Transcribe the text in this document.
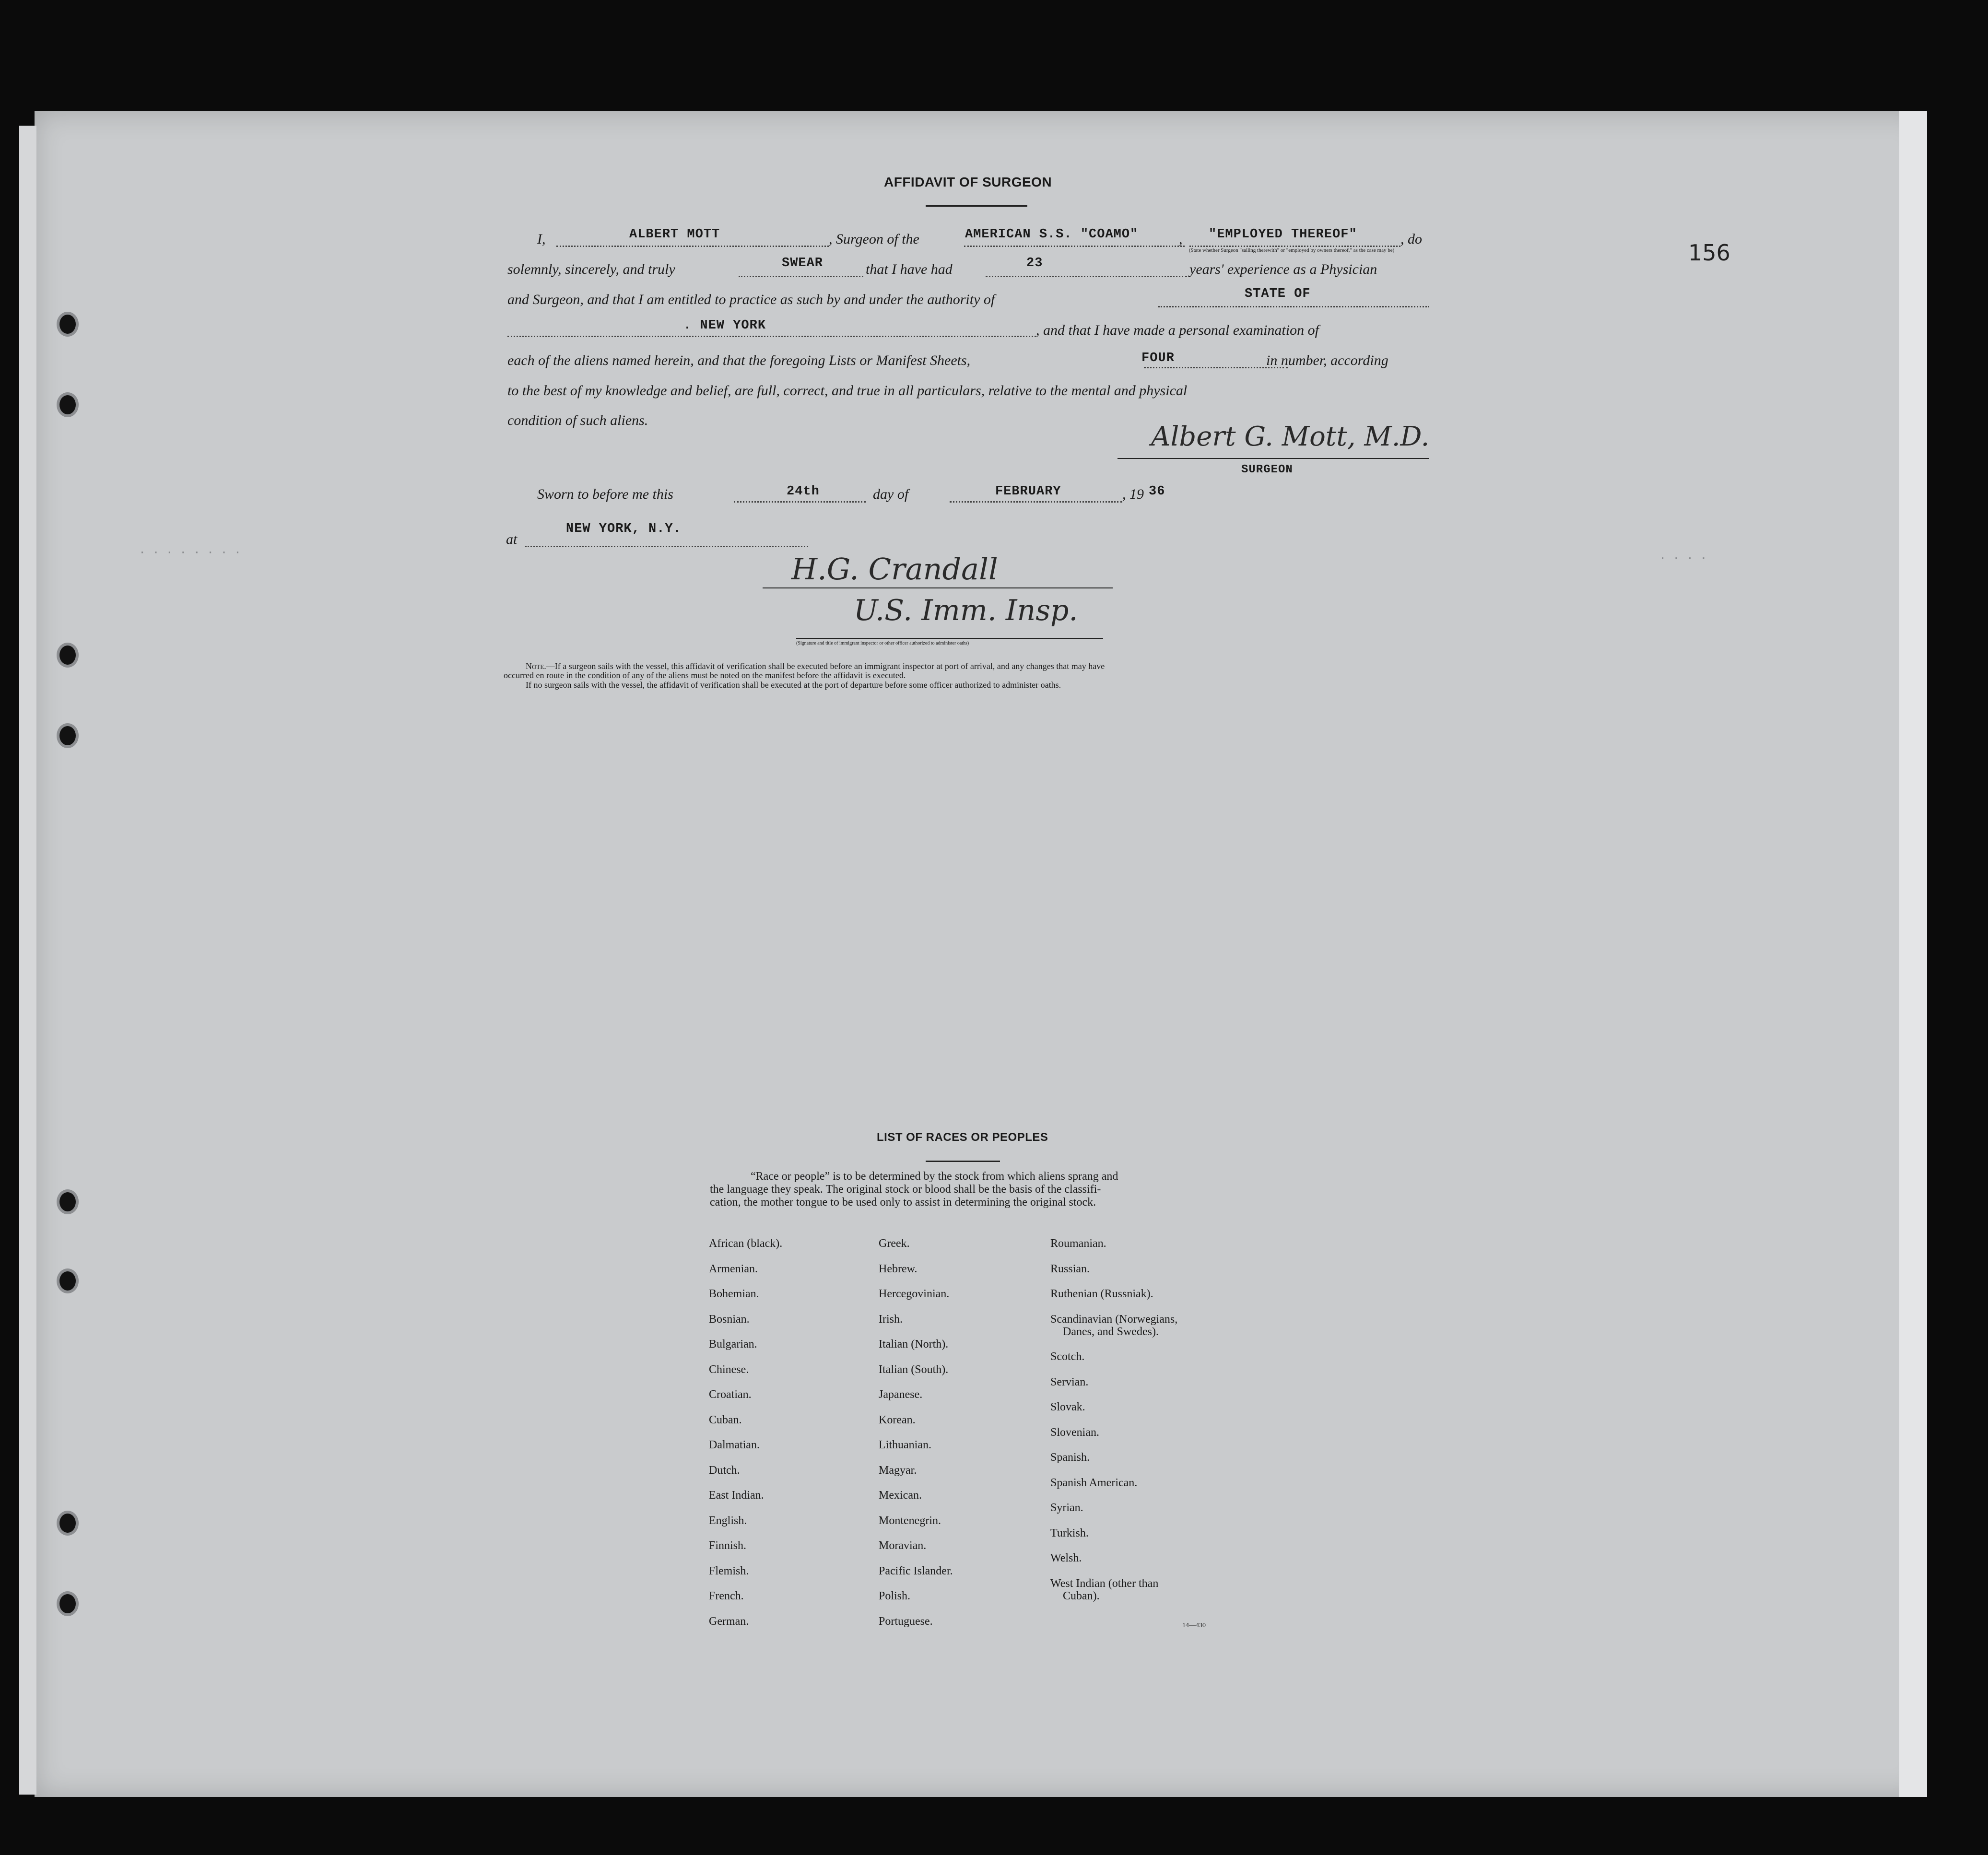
· · · · · · · ·	· · · ·
AFFIDAVIT OF SURGEON
156
I,	ALBERT MOTT	, Surgeon of the	AMERICAN S.S. "COAMO"	, "EMPLOYED THEREOF"	, do
(State whether Surgeon "sailing therewith" or "employed by owners thereof," as the case may be)
solemnly, sincerely, and truly	SWEAR	that I have had	23	years' experience as a Physician
and Surgeon, and that I am entitled to practice as such by and under the authority of	STATE OF
. NEW YORK	, and that I have made a personal examination of
each of the aliens named herein, and that the foregoing Lists or Manifest Sheets,	FOUR	in number, according
to the best of my knowledge and belief, are full, correct, and true in all particulars, relative to the mental and physical
condition of such aliens.
Albert G. Mott, M.D.
SURGEON
Sworn to before me this	24th	day of	FEBRUARY	, 19 36
at
NEW YORK, N.Y.
H.G. Crandall
U.S. Imm. Insp.
(Signature and title of immigrant inspector or other officer authorized to administer oaths)
Note.—If a surgeon sails with the vessel, this affidavit of verification shall be executed before an immigrant inspector at port of arrival, and any changes that may have
occurred en route in the condition of any of the aliens must be noted on the manifest before the affidavit is executed.
If no surgeon sails with the vessel, the affidavit of verification shall be executed at the port of departure before some officer authorized to administer oaths.
LIST OF RACES OR PEOPLES
“Race or people” is to be determined by the stock from which aliens sprang and
the language they speak. The original stock or blood shall be the basis of the classifi-
cation, the mother tongue to be used only to assist in determining the original stock.
African (black).
Armenian.
Bohemian.
Bosnian.
Bulgarian.
Chinese.
Croatian.
Cuban.
Dalmatian.
Dutch.
East Indian.
English.
Finnish.
Flemish.
French.
German.
Greek.
Hebrew.
Hercegovinian.
Irish.
Italian (North).
Italian (South).
Japanese.
Korean.
Lithuanian.
Magyar.
Mexican.
Montenegrin.
Moravian.
Pacific Islander.
Polish.
Portuguese.
Roumanian.
Russian.
Ruthenian (Russniak).
Scandinavian (Norwegians,
Danes, and Swedes).
Scotch.
Servian.
Slovak.
Slovenian.
Spanish.
Spanish American.
Syrian.
Turkish.
Welsh.
West Indian (other than
Cuban).
14—430
